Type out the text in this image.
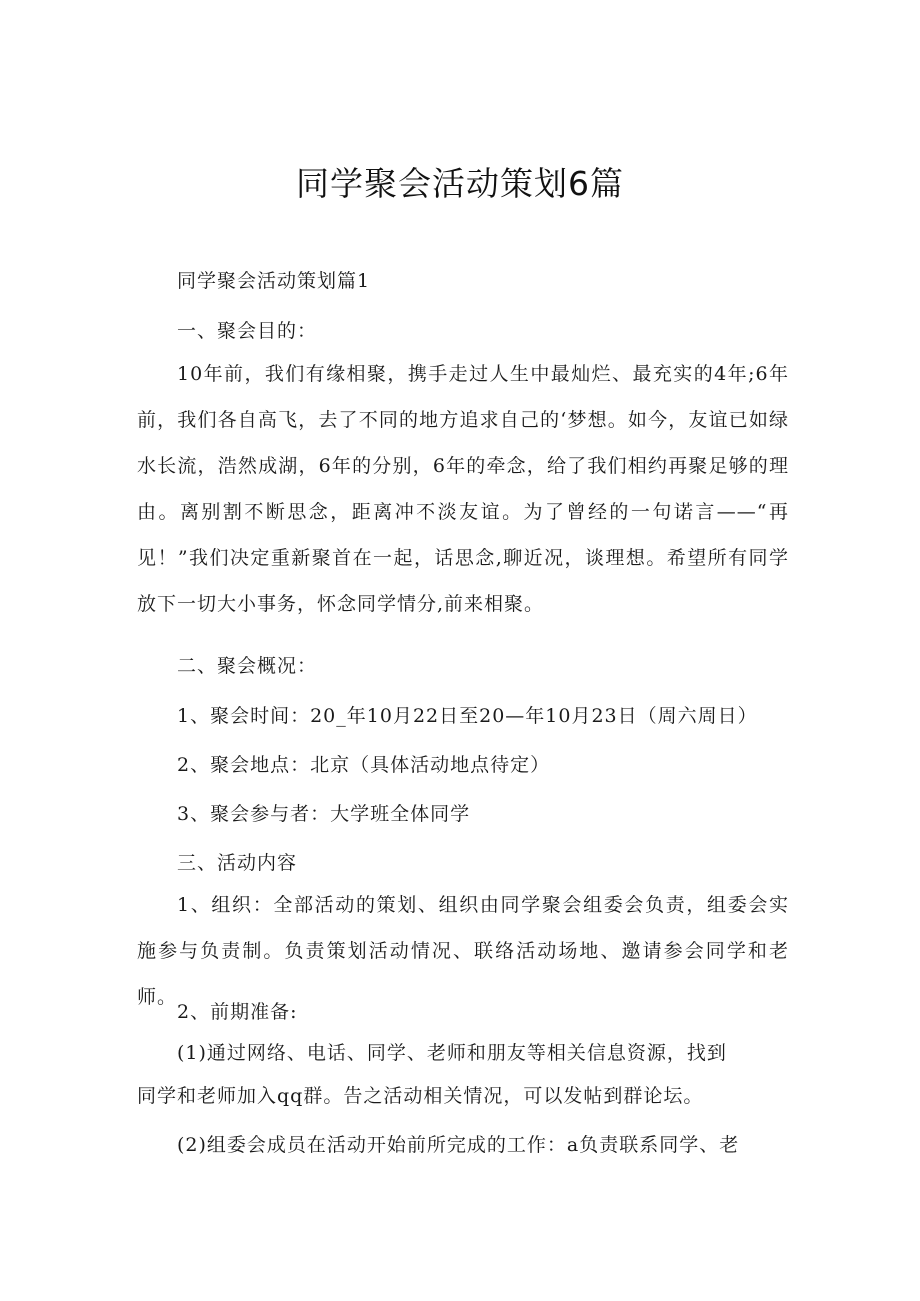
同学聚会活动策划6篇
同学聚会活动策划篇1
一、聚会目的：
10年前，我们有缘相聚，携手走过人生中最灿烂、最充实的4年;6年前，我们各自高飞，去了不同的地方追求自己的‘梦想。如今，友谊已如绿水长流，浩然成湖，6年的分别，6年的牵念，给了我们相约再聚足够的理由。离别割不断思念，距离冲不淡友谊。为了曾经的一句诺言——“再见！”我们决定重新聚首在一起，话思念,聊近况，谈理想。希望所有同学放下一切大小事务，怀念同学情分,前来相聚。
二、聚会概况：
1、聚会时间：20_年10月22日至20—年10月23日（周六周日）
2、聚会地点：北京（具体活动地点待定）
3、聚会参与者：大学班全体同学
三、活动内容
1、组织：全部活动的策划、组织由同学聚会组委会负责，组委会实施参与负责制。负责策划活动情况、联络活动场地、邀请参会同学和老师。
2、前期准备:
(1)通过网络、电话、同学、老师和朋友等相关信息资源，找到
同学和老师加入qq群。告之活动相关情况，可以发帖到群论坛。
(2)组委会成员在活动开始前所完成的工作：a负责联系同学、老
